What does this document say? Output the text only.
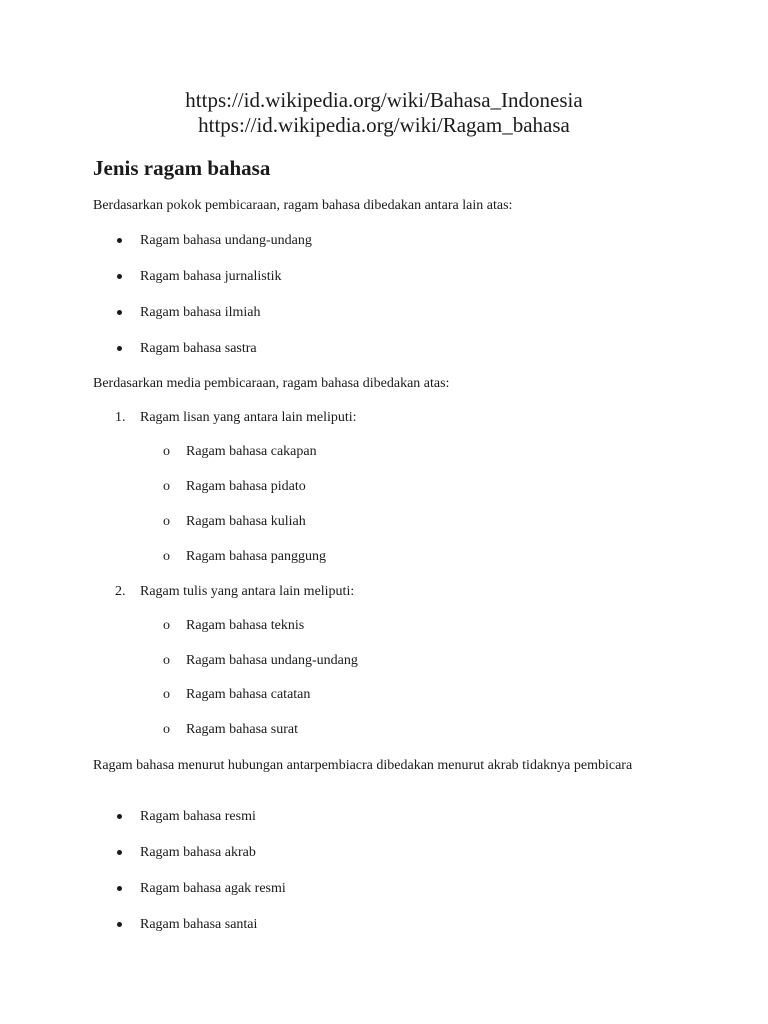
https://id.wikipedia.org/wiki/Bahasa_Indonesia
https://id.wikipedia.org/wiki/Ragam_bahasa
Jenis ragam bahasa

Berdasarkan pokok pembicaraan, ragam bahasa dibedakan antara lain atas:

Ragam bahasa undang-undang
Ragam bahasa jurnalistik
Ragam bahasa ilmiah
Ragam bahasa sastra

Berdasarkan media pembicaraan, ragam bahasa dibedakan atas:

1. Ragam lisan yang antara lain meliputi:
o Ragam bahasa cakapan
o Ragam bahasa pidato
o Ragam bahasa kuliah
o Ragam bahasa panggung
2. Ragam tulis yang antara lain meliputi:
o Ragam bahasa teknis
o Ragam bahasa undang-undang
o Ragam bahasa catatan
o Ragam bahasa surat

Ragam bahasa menurut hubungan antarpembiacra dibedakan menurut akrab tidaknya pembicara

Ragam bahasa resmi
Ragam bahasa akrab
Ragam bahasa agak resmi
Ragam bahasa santai
